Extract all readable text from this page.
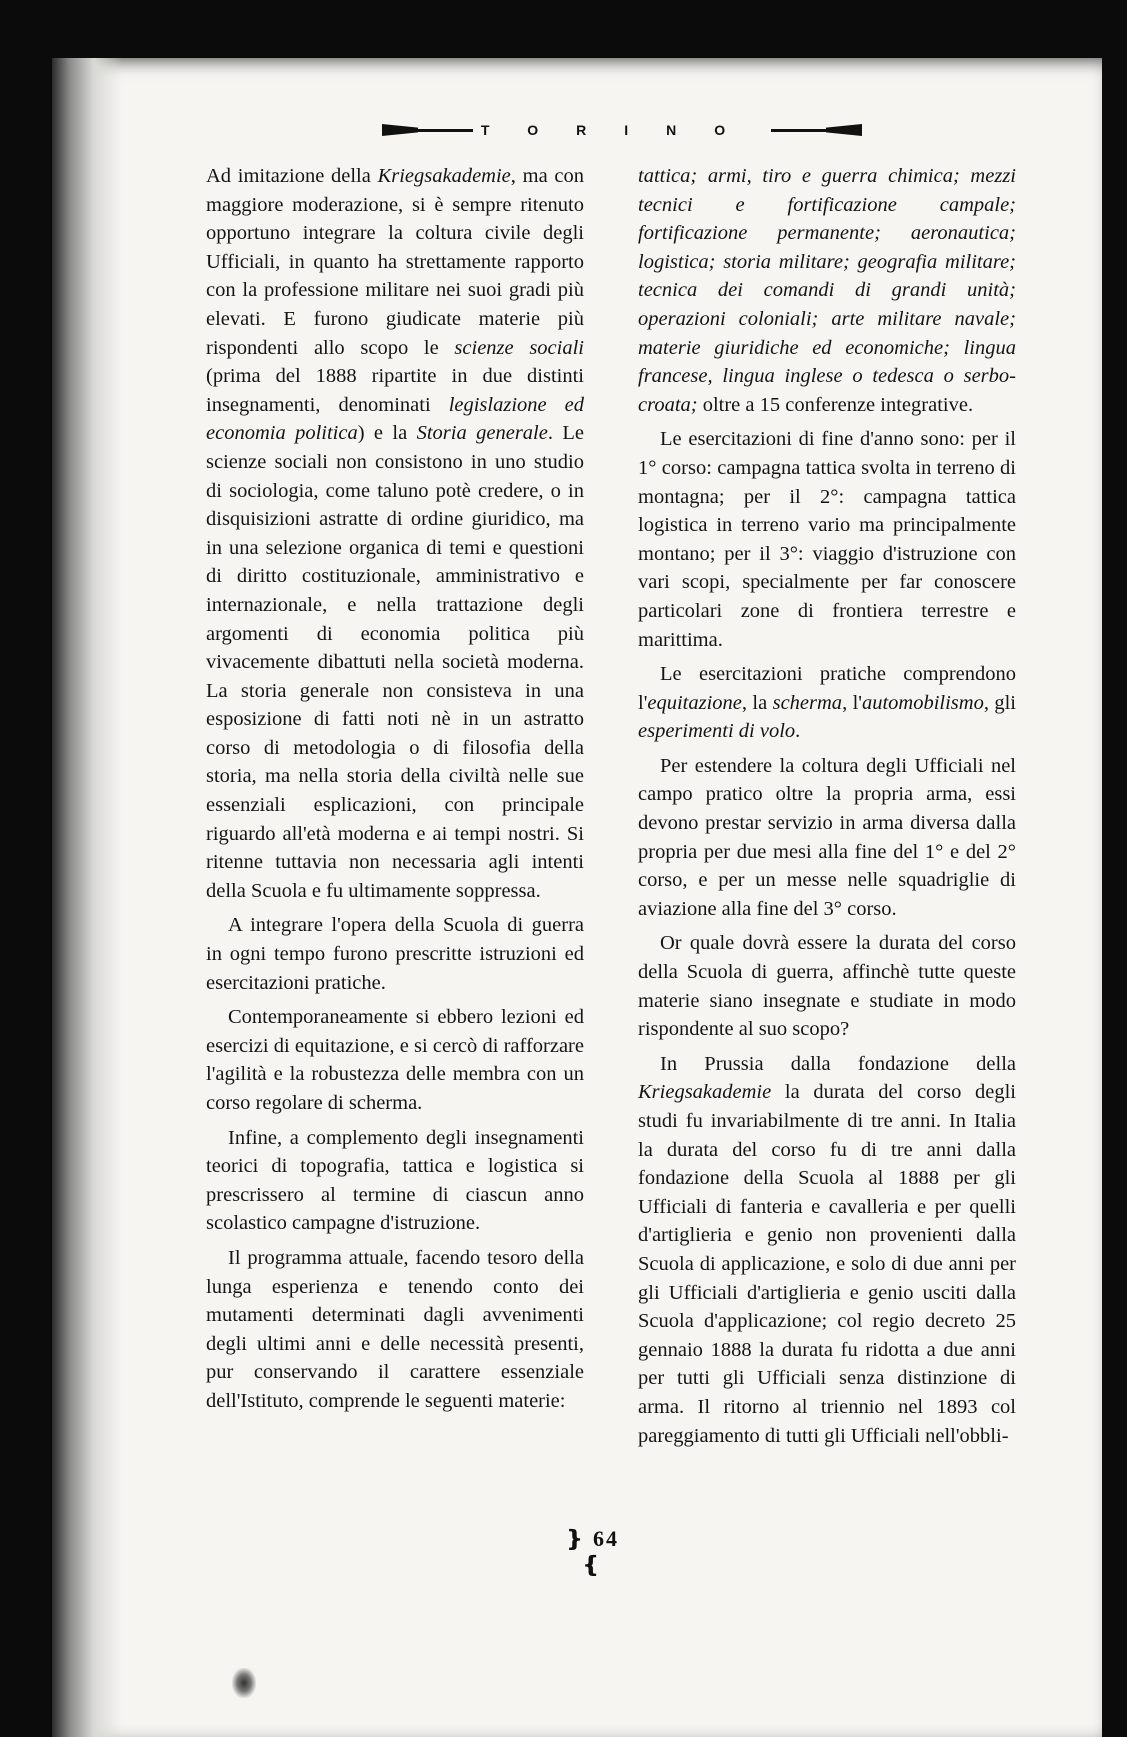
TORINO

Ad imitazione della Kriegsakademie, ma con maggiore moderazione, si è sempre ritenuto opportuno integrare la coltura civile degli Ufficiali, in quanto ha strettamente rapporto con la professione militare nei suoi gradi più elevati. E furono giudicate materie più rispondenti allo scopo le scienze sociali (prima del 1888 ripartite in due distinti insegnamenti, denominati legislazione ed economia politica) e la Storia generale. Le scienze sociali non consistono in uno studio di sociologia, come taluno potè credere, o in disquisizioni astratte di ordine giuridico, ma in una selezione organica di temi e questioni di diritto costituzionale, amministrativo e internazionale, e nella trattazione degli argomenti di economia politica più vivacemente dibattuti nella società moderna. La storia generale non consisteva in una esposizione di fatti noti nè in un astratto corso di metodologia o di filosofia della storia, ma nella storia della civiltà nelle sue essenziali esplicazioni, con principale riguardo all'età moderna e ai tempi nostri. Si ritenne tuttavia non necessaria agli intenti della Scuola e fu ultimamente soppressa.

A integrare l'opera della Scuola di guerra in ogni tempo furono prescritte istruzioni ed esercitazioni pratiche.

Contemporaneamente si ebbero lezioni ed esercizi di equitazione, e si cercò di rafforzare l'agilità e la robustezza delle membra con un corso regolare di scherma.

Infine, a complemento degli insegnamenti teorici di topografia, tattica e logistica si prescrissero al termine di ciascun anno scolastico campagne d'istruzione.

Il programma attuale, facendo tesoro della lunga esperienza e tenendo conto dei mutamenti determinati dagli avvenimenti degli ultimi anni e delle necessità presenti, pur conservando il carattere essenziale dell'Istituto, comprende le seguenti materie:

tattica; armi, tiro e guerra chimica; mezzi tecnici e fortificazione campale; fortificazione permanente; aeronautica; logistica; storia militare; geografia militare; tecnica dei comandi di grandi unità; operazioni coloniali; arte militare navale; materie giuridiche ed economiche; lingua francese, lingua inglese o tedesca o serbo-croata; oltre a 15 conferenze integrative.

Le esercitazioni di fine d'anno sono: per il 1° corso: campagna tattica svolta in terreno di montagna; per il 2°: campagna tattica logistica in terreno vario ma principalmente montano; per il 3°: viaggio d'istruzione con vari scopi, specialmente per far conoscere particolari zone di frontiera terrestre e marittima.

Le esercitazioni pratiche comprendono l'equitazione, la scherma, l'automobilismo, gli esperimenti di volo.

Per estendere la coltura degli Ufficiali nel campo pratico oltre la propria arma, essi devono prestar servizio in arma diversa dalla propria per due mesi alla fine del 1° e del 2° corso, e per un messe nelle squadriglie di aviazione alla fine del 3° corso.

Or quale dovrà essere la durata del corso della Scuola di guerra, affinchè tutte queste materie siano insegnate e studiate in modo rispondente al suo scopo?

In Prussia dalla fondazione della Kriegsakademie la durata del corso degli studi fu invariabilmente di tre anni. In Italia la durata del corso fu di tre anni dalla fondazione della Scuola al 1888 per gli Ufficiali di fanteria e cavalleria e per quelli d'artiglieria e genio non provenienti dalla Scuola di applicazione, e solo di due anni per gli Ufficiali d'artiglieria e genio usciti dalla Scuola d'applicazione; col regio decreto 25 gennaio 1888 la durata fu ridotta a due anni per tutti gli Ufficiali senza distinzione di arma. Il ritorno al triennio nel 1893 col pareggiamento di tutti gli Ufficiali nell'obbli-

❵ 64 ❴
